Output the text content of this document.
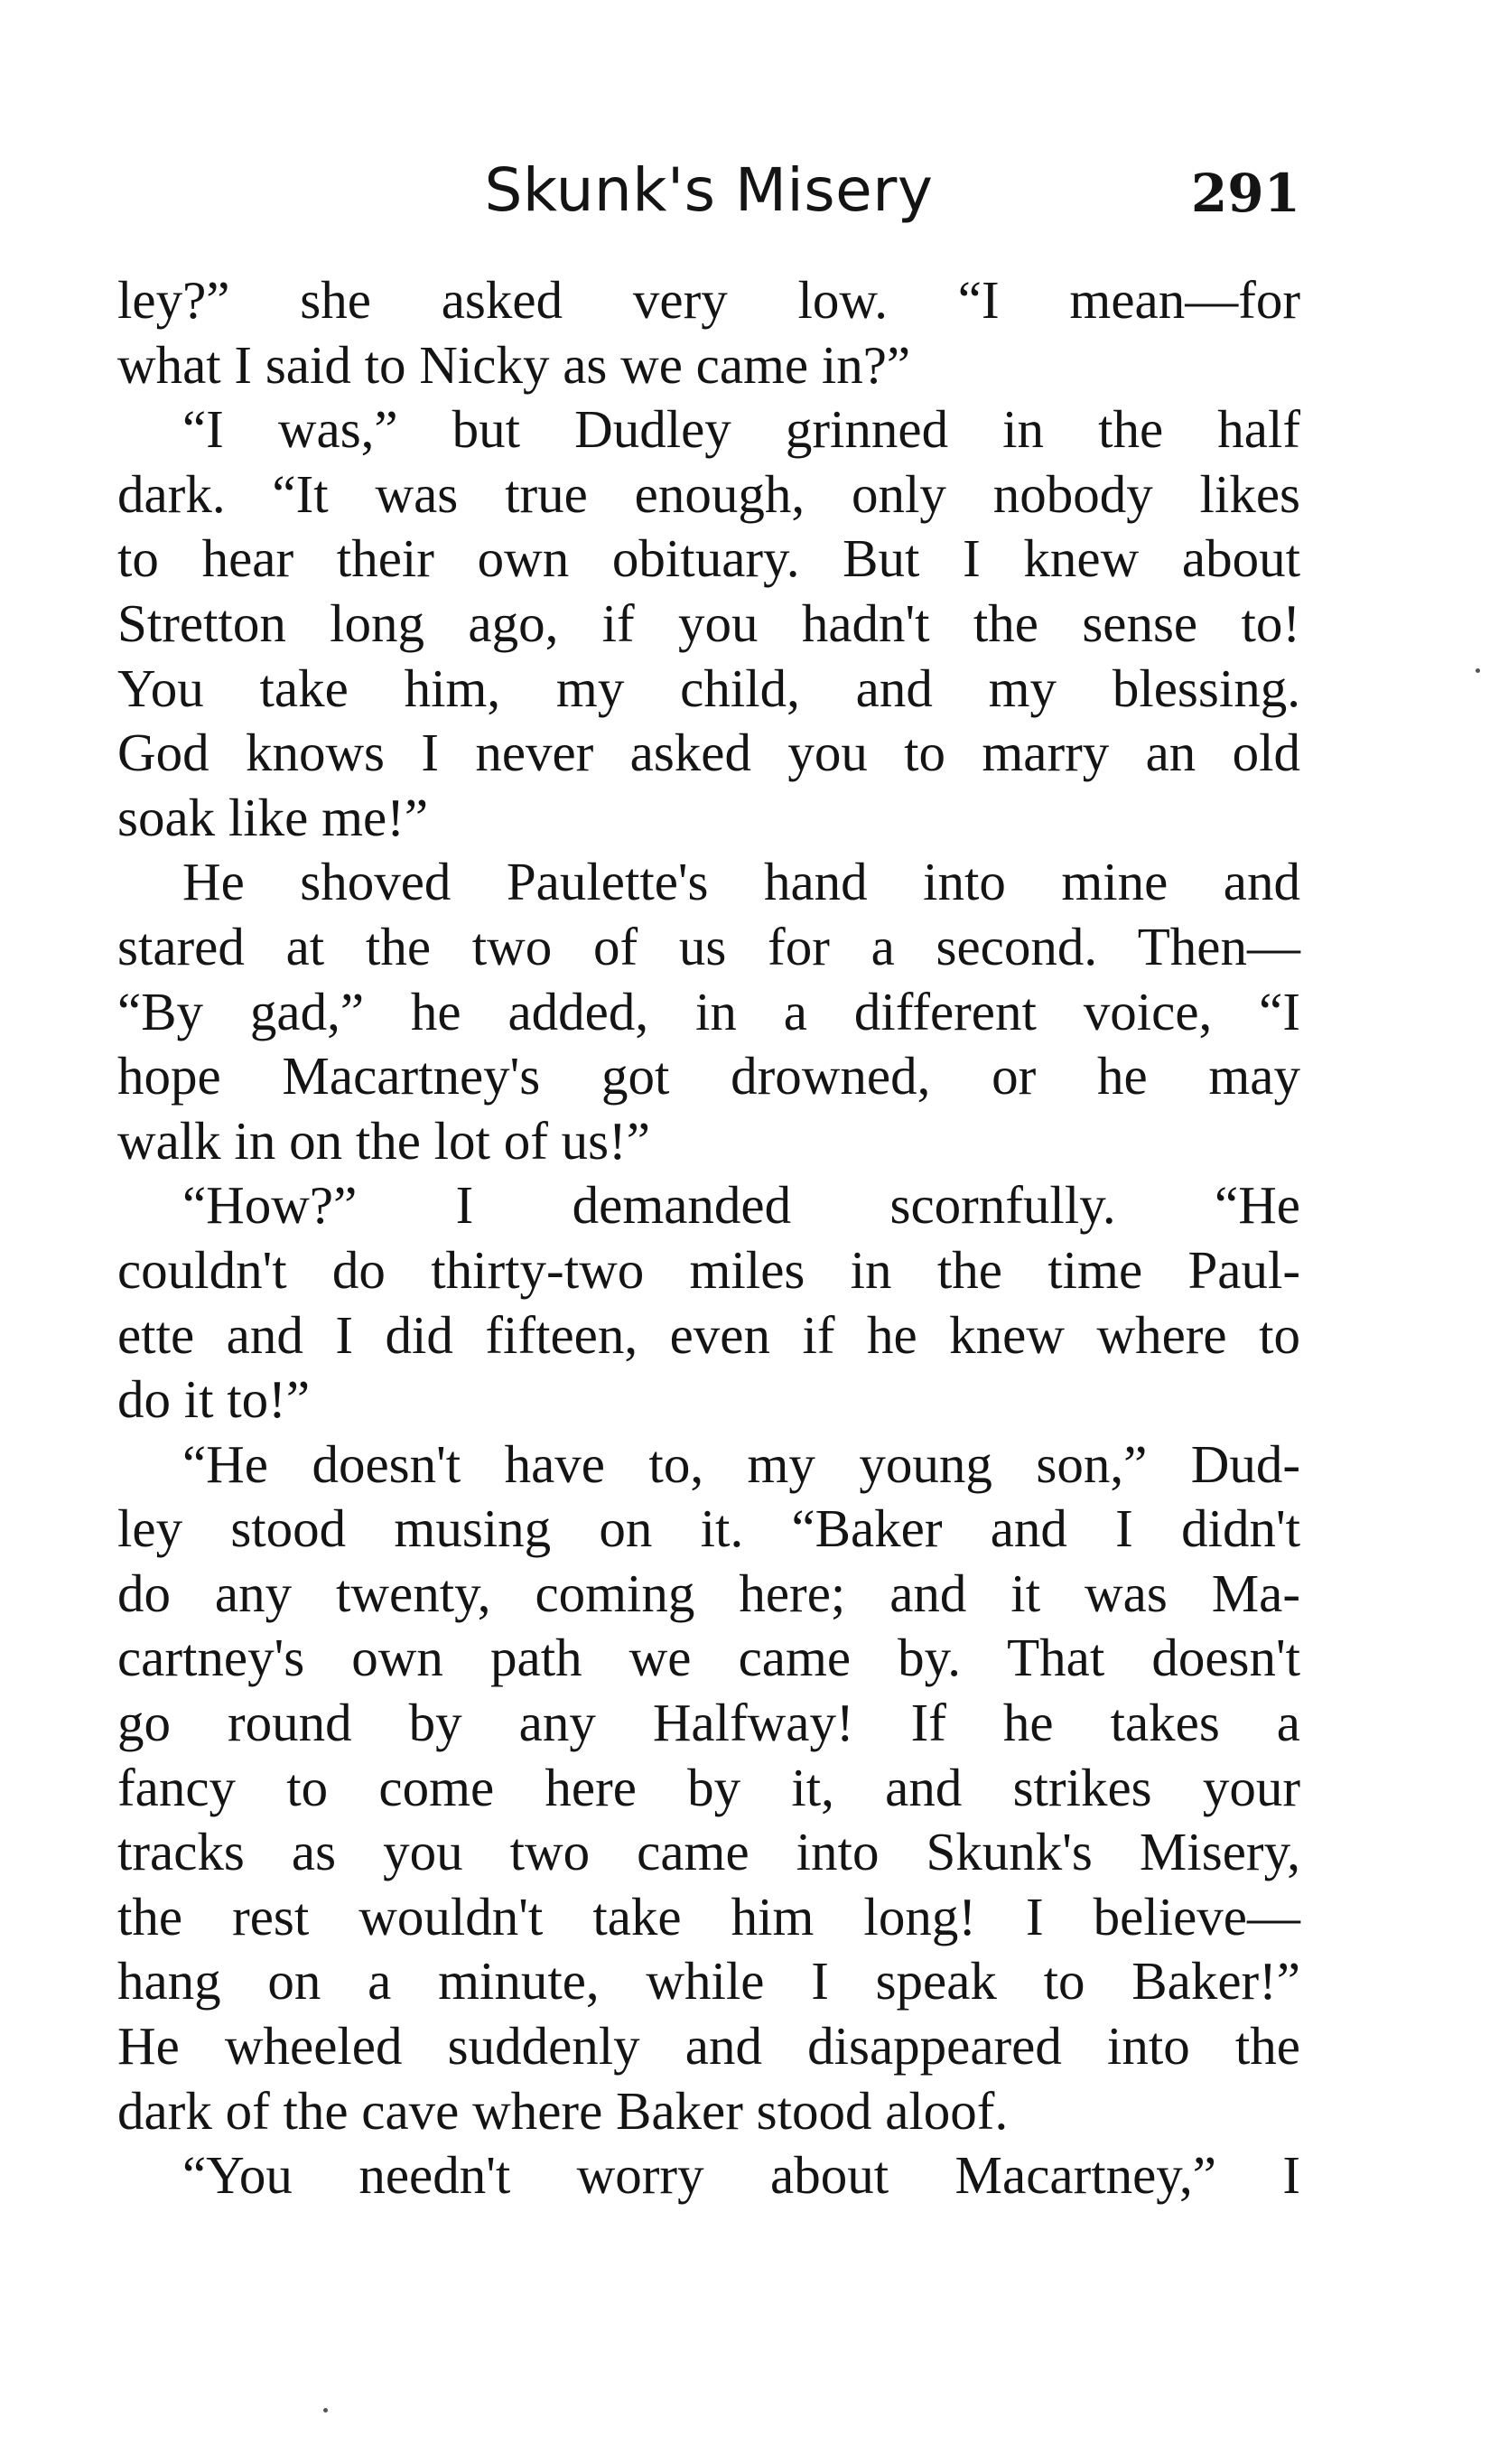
Skunk's Misery	291
ley?” she asked very low. “I mean—for
what I said to Nicky as we came in?”
“I was,” but Dudley grinned in the half
dark. “It was true enough, only nobody likes
to hear their own obituary. But I knew about
Stretton long ago, if you hadn't the sense to!
You take him, my child, and my blessing.
God knows I never asked you to marry an old
soak like me!”
He shoved Paulette's hand into mine and
stared at the two of us for a second. Then—
“By gad,” he added, in a different voice, “I
hope Macartney's got drowned, or he may
walk in on the lot of us!”
“How?” I demanded scornfully. “He
couldn't do thirty-two miles in the time Paul-
ette and I did fifteen, even if he knew where to
do it to!”
“He doesn't have to, my young son,” Dud-
ley stood musing on it. “Baker and I didn't
do any twenty, coming here; and it was Ma-
cartney's own path we came by. That doesn't
go round by any Halfway! If he takes a
fancy to come here by it, and strikes your
tracks as you two came into Skunk's Misery,
the rest wouldn't take him long! I believe—
hang on a minute, while I speak to Baker!”
He wheeled suddenly and disappeared into the
dark of the cave where Baker stood aloof.
“You needn't worry about Macartney,” I
